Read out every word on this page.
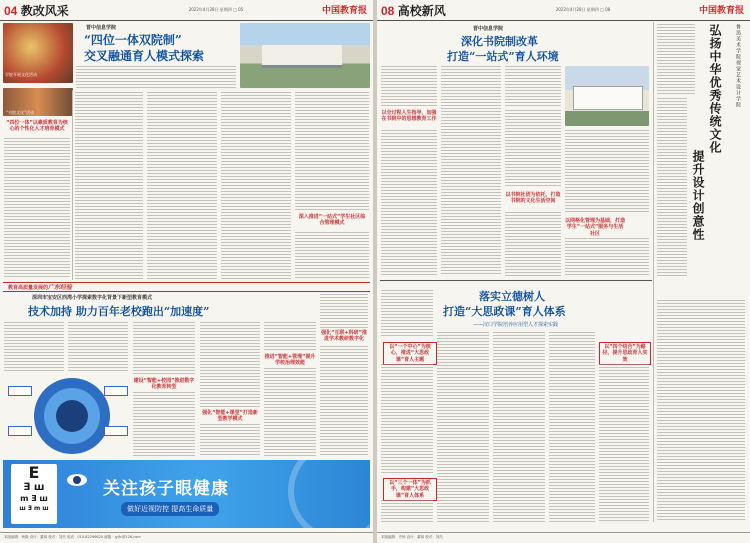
04 教改风采	2022年4月28日 星期四 □ 05	中国教育报
学院开展文化活动
晋中信息学院
“四位一体双院制”
交叉融通育人模式探索
“书院文化”活动
“四位一体”以素质教育为核心的个性化人才培育模式
深入推进“一站式”学生社区综合管理模式
教育高质量发展的广东经验
深圳市宝安区西湾小学探索数字化背景下新型教育模式
技术加持 助力百年老校跑出“加速度”
建设“智能+校园”推进数字化教育转型
强化“智能+课堂”打造新型教学模式
推进“智能+管理”提升学校治理效能
强化“互联+科研”推进学术教研数字化
E
∃ ш
m Ǝ ш
ш Ǝ m ш
关注孩子眼健康
做好近视防控 提高生命质量
本版编辑：杨晓 设计：董林 校对：刘杰 电话：010-82296620 邮箱：jyjfc@126.com
08 高校新风	2022年4月28日 星期四 □ 08	中国教育报
晋中信息学院
深化书院制改革
打造“一站式”育人环境
以全过程人生指导，加强在书院中的思想教育工作
以书院社团为依托，打造书院的文化生活空间
以网格化管理为基础，打造学生“一站式”服务与生活社区
弘扬中华优秀传统文化
提升设计创意性
鲁迅美术学院视觉艺术设计学院
落实立德树人
打造“大思政课”育人体系
——汉口学院培养应用型人才探索实践
以“一个中心”为核心，推进“大思政课”育人主题
以“三个一体”为抓手，构建“大思政课”育人体系
以“四个结合”为路径，提升思政育人实效
本版编辑：史杨 设计：董林 校对：刘杰
